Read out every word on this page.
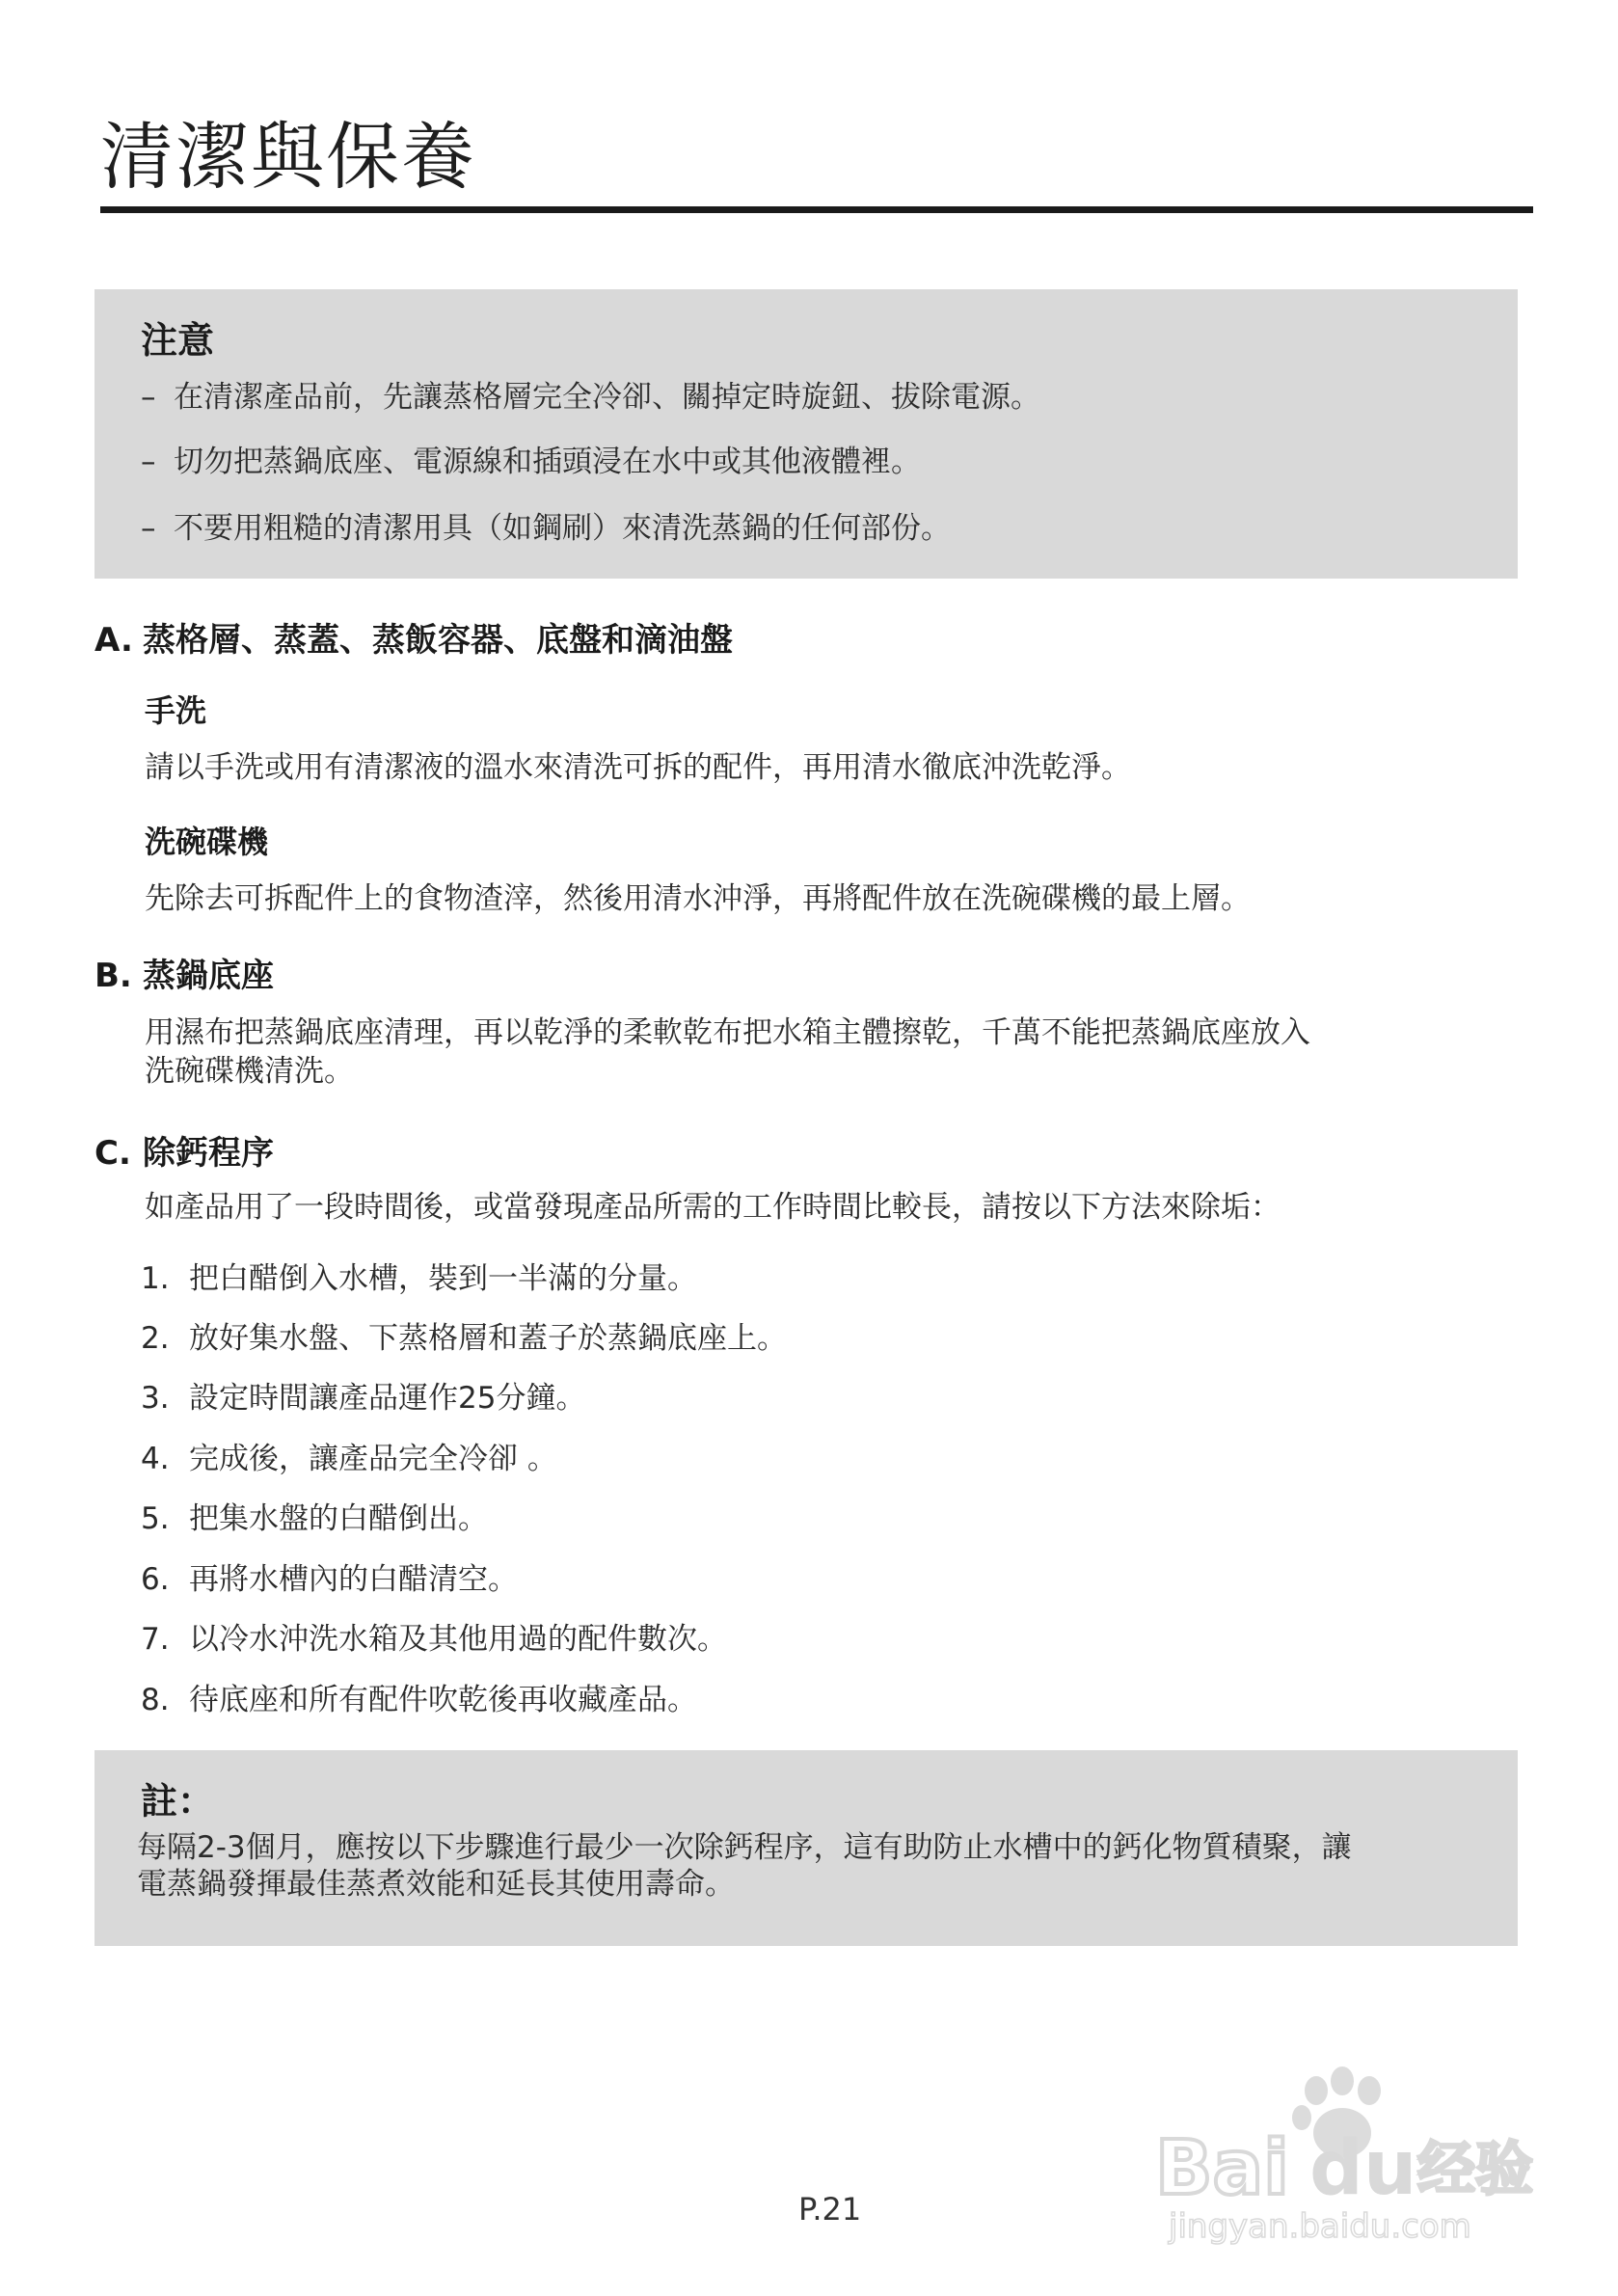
清潔與保養
注意
– 在清潔產品前，先讓蒸格層完全冷卻、關掉定時旋鈕、拔除電源。
– 切勿把蒸鍋底座、電源線和插頭浸在水中或其他液體裡。
– 不要用粗糙的清潔用具（如鋼刷）來清洗蒸鍋的任何部份。
A. 蒸格層、蒸蓋、蒸飯容器、底盤和滴油盤
手洗

請以手洗或用有清潔液的溫水來清洗可拆的配件，再用清水徹底沖洗乾淨。

洗碗碟機

先除去可拆配件上的食物渣滓，然後用清水沖淨，再將配件放在洗碗碟機的最上層。

B. 蒸鍋底座

用濕布把蒸鍋底座清理，再以乾淨的柔軟乾布把水箱主體擦乾，千萬不能把蒸鍋底座放入

洗碗碟機清洗。

C. 除鈣程序

如產品用了一段時間後，或當發現產品所需的工作時間比較長，請按以下方法來除垢：

1. 把白醋倒入水槽，裝到一半滿的分量。
2. 放好集水盤、下蒸格層和蓋子於蒸鍋底座上。
3. 設定時間讓產品運作25分鐘。
4. 完成後，讓產品完全冷卻 。
5. 把集水盤的白醋倒出。
6. 再將水槽內的白醋清空。
7. 以冷水沖洗水箱及其他用過的配件數次。
8. 待底座和所有配件吹乾後再收藏產品。
註：

每隔2-3個月，應按以下步驟進行最少一次除鈣程序，這有助防止水槽中的鈣化物質積聚，讓
電蒸鍋發揮最佳蒸煮效能和延長其使用壽命。

P.21	Bai du 经验
jingyan.baidu.com
